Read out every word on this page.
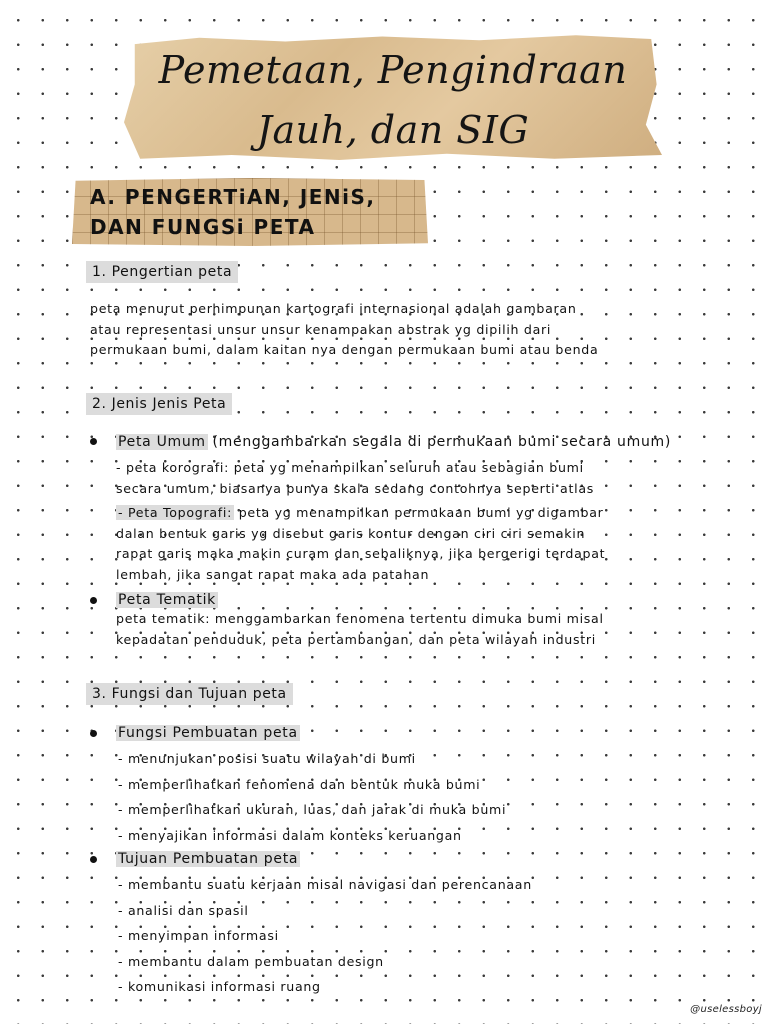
Pemetaan, Pengindraan
Jauh, dan SIG
A. PENGERTiAN, JENiS,
DAN FUNGSi PETA
1. Pengertian peta
peta menurut perhimpunan kartografi internasional adalah gambaran
atau representasi unsur unsur kenampakan abstrak yg dipilih dari
permukaan bumi, dalam kaitan nya dengan permukaan bumi atau benda
2. Jenis Jenis Peta
Peta Umum (menggambarkan segala di permukaan bumi secara umum)
- peta korografi: peta yg menampilkan seluruh atau sebagian bumi
secara umum, biasanya punya skala sedang contohnya seperti atlas
- Peta Topografi: peta yg menampilkan permukaan bumi yg digambar
dalan bentuk garis yg disebut garis kontur dengan ciri ciri semakin
rapat garis maka makin curam dan sebaliknya, jika bergerigi terdapat
lembah, jika sangat rapat maka ada patahan
Peta Tematik
peta tematik: menggambarkan fenomena tertentu dimuka bumi misal
kepadatan penduduk, peta pertambangan, dan peta wilayah industri
3. Fungsi dan Tujuan peta
Fungsi Pembuatan peta
- menunjukan posisi suatu wilayah di bumi
- memperlihatkan fenomena dan bentuk muka bumi
- memperlihatkan ukuran, luas, dan jarak di muka bumi
- menyajikan informasi dalam konteks keruangan
Tujuan Pembuatan peta
- membantu suatu kerjaan misal navigasi dan perencanaan
- analisi dan spasil
- menyimpan informasi
- membantu dalam pembuatan design
- komunikasi informasi ruang
@uselessboyj
